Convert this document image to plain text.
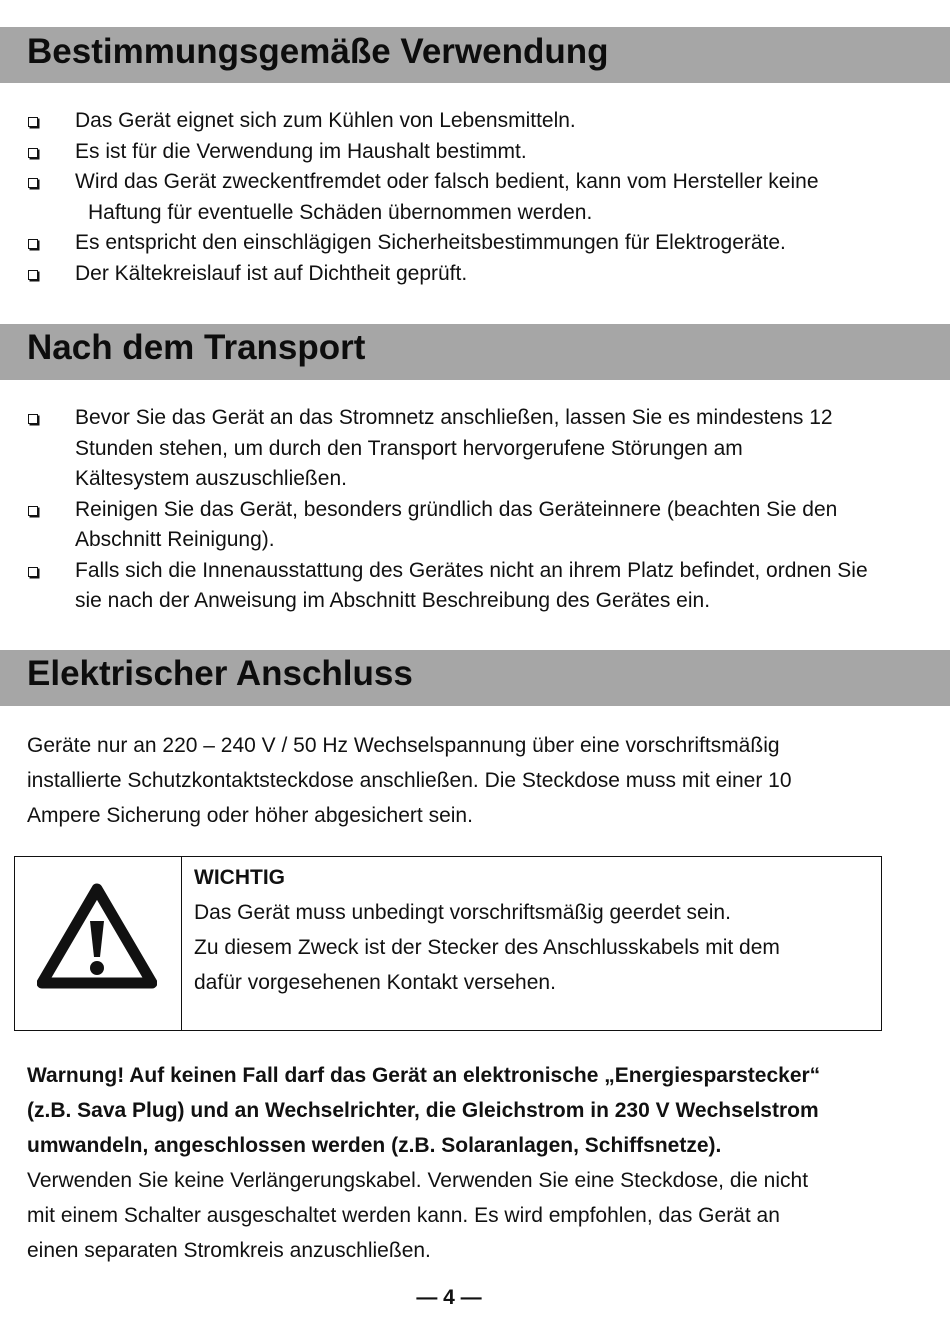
Bestimmungsgemäße Verwendung
Das Gerät eignet sich zum Kühlen von Lebensmitteln.
Es ist für die Verwendung im Haushalt bestimmt.
Wird das Gerät zweckentfremdet oder falsch bedient, kann vom Hersteller keine Haftung für eventuelle Schäden übernommen werden.
Es entspricht den einschlägigen Sicherheitsbestimmungen für Elektrogeräte.
Der Kältekreislauf ist auf Dichtheit geprüft.
Nach dem Transport
Bevor Sie das Gerät an das Stromnetz anschließen, lassen Sie es mindestens 12 Stunden stehen, um durch den Transport hervorgerufene Störungen am Kältesystem auszuschließen.
Reinigen Sie das Gerät, besonders gründlich das Geräteinnere (beachten Sie den Abschnitt Reinigung).
Falls sich die Innenausstattung des Gerätes nicht an ihrem Platz befindet, ordnen Sie sie nach der Anweisung im Abschnitt Beschreibung des Gerätes ein.
Elektrischer Anschluss

Geräte nur an 220 – 240 V / 50 Hz Wechselspannung über eine vorschriftsmäßig installierte Schutzkontaktsteckdose anschließen. Die Steckdose muss mit einer 10 Ampere Sicherung oder höher abgesichert sein.

WICHTIG
Das Gerät muss unbedingt vorschriftsmäßig geerdet sein.
Zu diesem Zweck ist der Stecker des Anschlusskabels mit dem
dafür vorgesehenen Kontakt versehen.
Warnung! Auf keinen Fall darf das Gerät an elektronische „Energiesparstecker“
(z.B. Sava Plug) und an Wechselrichter, die Gleichstrom in 230 V Wechselstrom
umwandeln, angeschlossen werden (z.B. Solaranlagen, Schiffsnetze).
Verwenden Sie keine Verlängerungskabel. Verwenden Sie eine Steckdose, die nicht
mit einem Schalter ausgeschaltet werden kann. Es wird empfohlen, das Gerät an
einen separaten Stromkreis anzuschließen.
— 4 —
